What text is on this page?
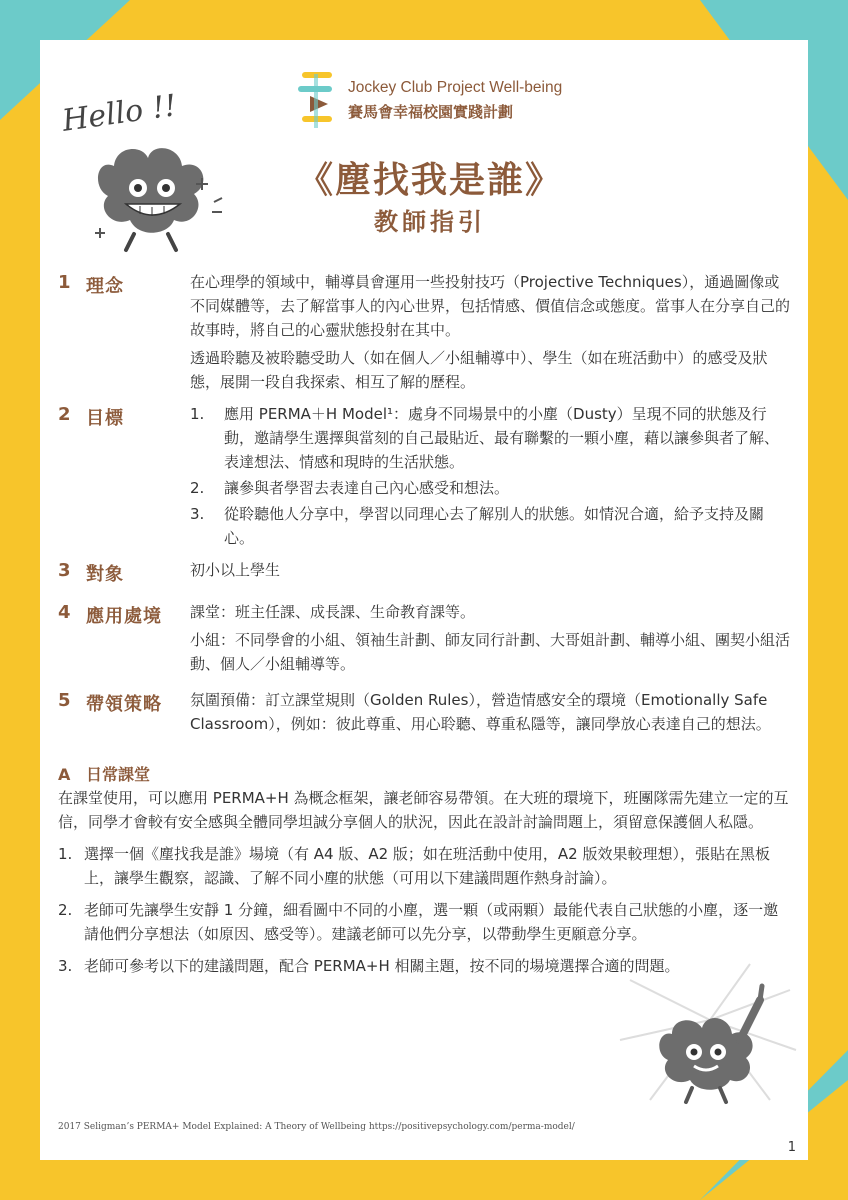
Jockey Club Project Well-being
賽馬會幸福校園實踐計劃
Hello !!
《塵找我是誰》
教師指引
1 理念	在心理學的領域中，輔導員會運用一些投射技巧（Projective Techniques），通過圖像或不同媒體等，去了解當事人的內心世界，包括情感、價值信念或態度。當事人在分享自己的故事時，將自己的心靈狀態投射在其中。

透過聆聽及被聆聽受助人（如在個人／小組輔導中）、學生（如在班活動中）的感受及狀態，展開一段自我探索、相互了解的歷程。

2 目標	1. 應用 PERMA＋H Model¹：處身不同場景中的小塵（Dusty）呈現不同的狀態及行動，邀請學生選擇與當刻的自己最貼近、最有聯繫的一顆小塵，藉以讓參與者了解、表達想法、情感和現時的生活狀態。
2. 讓參與者學習去表達自己內心感受和想法。
3. 從聆聽他人分享中，學習以同理心去了解別人的狀態。如情況合適，給予支持及關心。
3 對象	初小以上學生

4 應用處境 課堂：班主任課、成長課、生命教育課等。

小組：不同學會的小組、領袖生計劃、師友同行計劃、大哥姐計劃、輔導小組、團契小組活動、個人／小組輔導等。

5 帶領策略 氛圍預備：訂立課堂規則（Golden Rules），營造情感安全的環境（Emotionally Safe Classroom），例如：彼此尊重、用心聆聽、尊重私隱等，讓同學放心表達自己的想法。

A 日常課堂

在課堂使用，可以應用 PERMA+H 為概念框架，讓老師容易帶領。在大班的環境下，班團隊需先建立一定的互信，同學才會較有安全感與全體同學坦誠分享個人的狀況，因此在設計討論問題上，須留意保護個人私隱。

1. 選擇一個《塵找我是誰》場境（有 A4 版、A2 版；如在班活動中使用，A2 版效果較理想），張貼在黑板上，讓學生觀察，認識、了解不同小塵的狀態（可用以下建議問題作熱身討論）。
2. 老師可先讓學生安靜 1 分鐘，細看圖中不同的小塵，選一顆（或兩顆）最能代表自己狀態的小塵，逐一邀請他們分享想法（如原因、感受等）。建議老師可以先分享，以帶動學生更願意分享。
3. 老師可參考以下的建議問題，配合 PERMA+H 相關主題，按不同的場境選擇合適的問題。
2017 Seligman’s PERMA+ Model Explained: A Theory of Wellbeing https://positivepsychology.com/perma-model/
1
